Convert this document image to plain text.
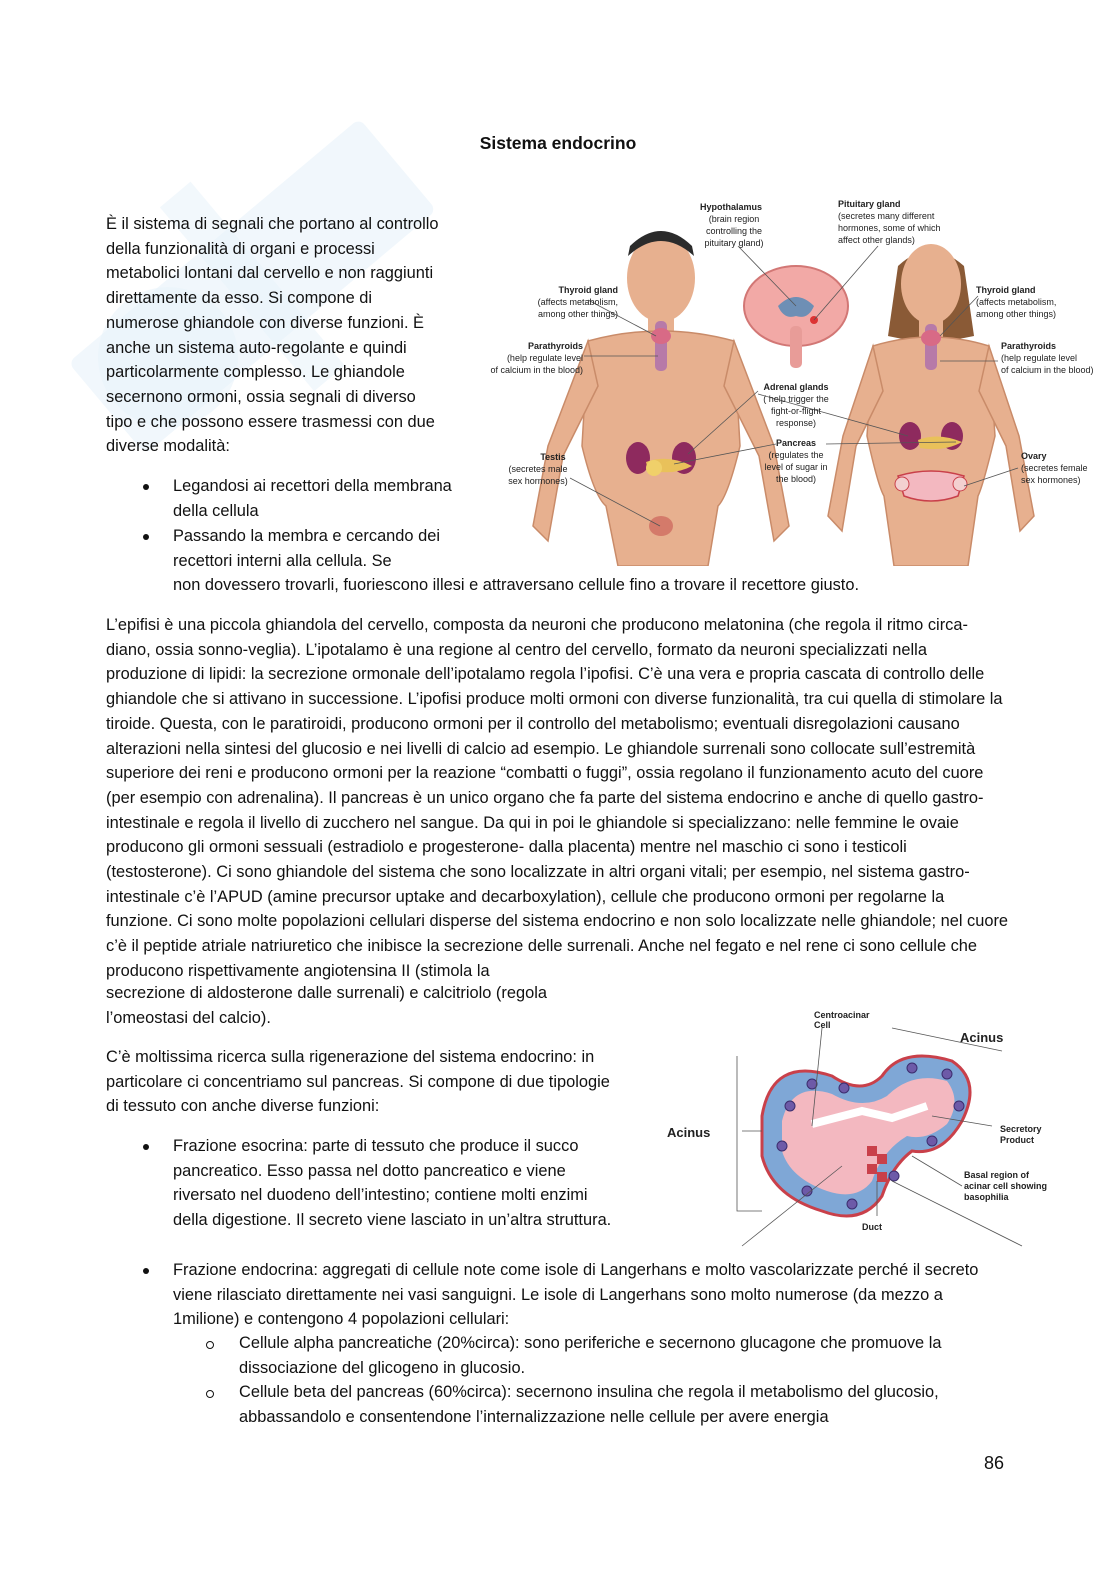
Sistema endocrino
È il sistema di segnali che portano al controllo della funzionalità di organi e processi metabolici lontani dal cervello e non raggiunti direttamente da esso. Si compone di numerose ghiandole con diverse funzioni. È anche un sistema auto-regolante e quindi particolarmente complesso. Le ghiandole secernono ormoni, ossia segnali di diverso tipo e che possono essere trasmessi con due diverse modalità:
Legandosi ai recettori della membrana della cellula
Passando la membra e cercando dei recettori interni alla cellula. Se
non dovessero trovarli, fuoriescono illesi e attraversano cellule fino a trovare il recettore giusto.
Hypothalamus
(brain region
controlling the
pituitary gland)
Pituitary gland
(secretes many different
hormones, some of which
affect other glands)
Thyroid gland
(affects metabolism,
among other things)
Parathyroids
(help regulate level
of calcium in the blood)
Adrenal glands
( help trigger the
fight-or-flight
response)
Pancreas
(regulates the
level of sugar in
the blood)
Testis
(secretes male
sex hormones)
Thyroid gland
(affects metabolism,
among other things)
Parathyroids
(help regulate level
of calcium in the blood)
Ovary
(secretes female
sex hormones)
L’epifisi è una piccola ghiandola del cervello, composta da neuroni che producono melatonina (che regola il ritmo circa-diano, ossia sonno-veglia). L’ipotalamo è una regione al centro del cervello, formato da neuroni specializzati nella produzione di lipidi: la secrezione ormonale dell’ipotalamo regola l’ipofisi. C’è una vera e propria cascata di controllo delle ghiandole che si attivano in successione. L’ipofisi produce molti ormoni con diverse funzionalità, tra cui quella di stimolare la tiroide. Questa, con le paratiroidi, producono ormoni per il controllo del metabolismo; eventuali disregolazioni causano alterazioni nella sintesi del glucosio e nei livelli di calcio ad esempio. Le ghiandole surrenali sono collocate sull’estremità superiore dei reni e producono ormoni per la reazione “combatti o fuggi”, ossia regolano il funzionamento acuto del cuore (per esempio con adrenalina). Il pancreas è un unico organo che fa parte del sistema endocrino e anche di quello gastro-intestinale e regola il livello di zucchero nel sangue. Da qui in poi le ghiandole si specializzano: nelle femmine le ovaie producono gli ormoni sessuali (estradiolo e progesterone- dalla placenta) mentre nel maschio ci sono i testicoli (testosterone). Ci sono ghiandole del sistema che sono localizzate in altri organi vitali; per esempio, nel sistema gastro-intestinale c’è l’APUD (amine precursor uptake and decarboxylation), cellule che producono ormoni per regolarne la funzione. Ci sono molte popolazioni cellulari disperse del sistema endocrino e non solo localizzate nelle ghiandole; nel cuore c’è il peptide atriale natriuretico che inibisce la secrezione delle surrenali. Anche nel fegato e nel rene ci sono cellule che producono rispettivamente angiotensina II (stimola la
secrezione di aldosterone dalle surrenali) e calcitriolo (regola l’omeostasi del calcio).
C’è moltissima ricerca sulla rigenerazione del sistema endocrino: in particolare ci concentriamo sul pancreas. Si compone di due tipologie di tessuto con anche diverse funzioni:
Centroacinar
Cell
Acinus
Acinus	Secretory
Product
Basal region of
acinar cell showing
basophilia
Duct
Frazione esocrina: parte di tessuto che produce il succo pancreatico. Esso passa nel dotto pancreatico e viene riversato nel duodeno dell’intestino; contiene molti enzimi della digestione. Il secreto viene lasciato in un’altra struttura.
Frazione endocrina: aggregati di cellule note come isole di Langerhans e molto vascolarizzate perché il secreto viene rilasciato direttamente nei vasi sanguigni. Le isole di Langerhans sono molto numerose (da mezzo a 1milione) e contengono 4 popolazioni cellulari:
Cellule alpha pancreatiche (20%circa): sono periferiche e secernono glucagone che promuove la dissociazione del glicogeno in glucosio.
Cellule beta del pancreas (60%circa): secernono insulina che regola il metabolismo del glucosio, abbassandolo e consentendone l’internalizzazione nelle cellule per avere energia
86
